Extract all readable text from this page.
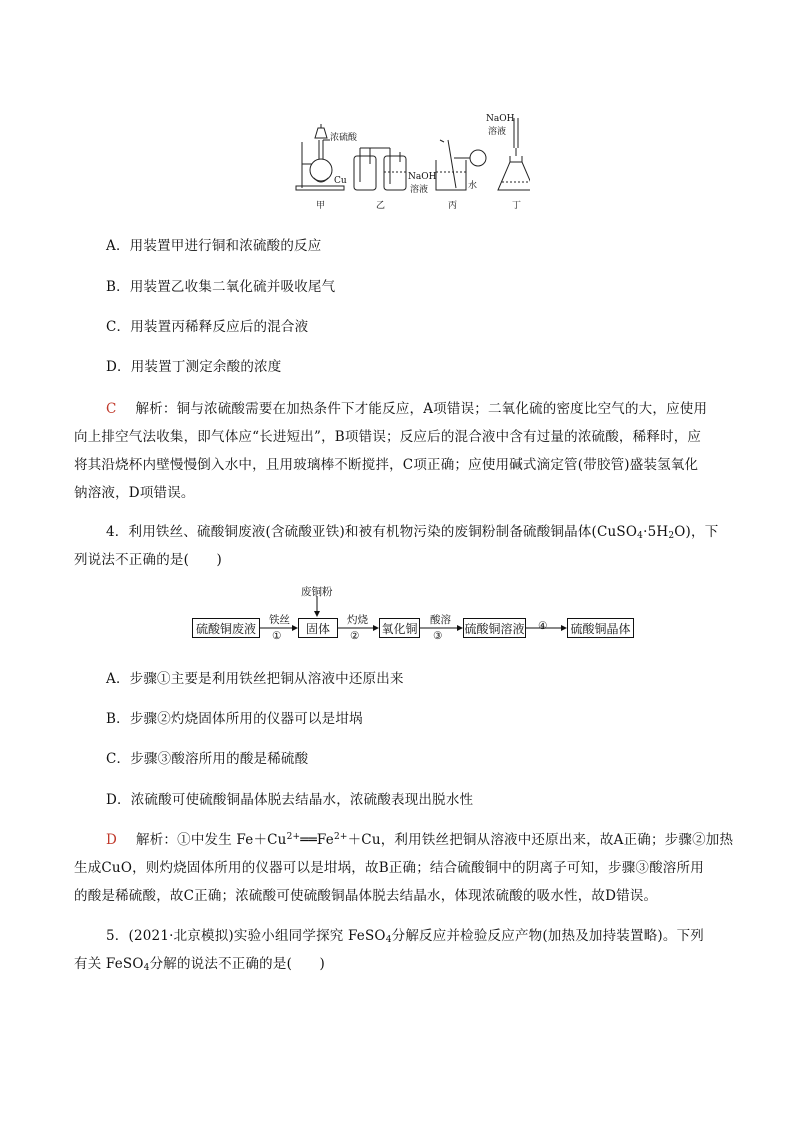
浓硫酸
Cu	NaOH
溶液	水
NaOH
溶液
甲	乙	丙	丁
A．用装置甲进行铜和浓硫酸的反应
B．用装置乙收集二氧化硫并吸收尾气
C．用装置丙稀释反应后的混合液
D．用装置丁测定余酸的浓度
C 解析：铜与浓硫酸需要在加热条件下才能反应，A项错误；二氧化硫的密度比空气的大，应使用
向上排空气法收集，即气体应“长进短出”，B项错误；反应后的混合液中含有过量的浓硫酸，稀释时，应
将其沿烧杯内壁慢慢倒入水中，且用玻璃棒不断搅拌，C项正确；应使用碱式滴定管(带胶管)盛装氢氧化
钠溶液，D项错误。
4．利用铁丝、硫酸铜废液(含硫酸亚铁)和被有机物污染的废铜粉制备硫酸铜晶体$(CuSO_4\cdot 5H_2O)$，下
列说法不正确的是(　　)
废铜粉
硫酸铜废液	固体	氧化铜	硫酸铜溶液	硫酸铜晶体
铁丝	灼烧	酸溶
①	②	③
④
A．步骤①主要是利用铁丝把铜从溶液中还原出来
B．步骤②灼烧固体所用的仪器可以是坩埚
C．步骤③酸溶所用的酸是稀硫酸
D．浓硫酸可使硫酸铜晶体脱去结晶水，浓硫酸表现出脱水性
D 解析：①中发生 $Fe+Cu^{2+}══Fe^{2+}+Cu$，利用铁丝把铜从溶液中还原出来，故A正确；步骤②加热
生成CuO，则灼烧固体所用的仪器可以是坩埚，故B正确；结合硫酸铜中的阴离子可知，步骤③酸溶所用
的酸是稀硫酸，故C正确；浓硫酸可使硫酸铜晶体脱去结晶水，体现浓硫酸的吸水性，故D错误。
5．(2021·北京模拟)实验小组同学探究 FeSO$_4$分解反应并检验反应产物(加热及加持装置略)。下列
有关 FeSO$_4$分解的说法不正确的是(　　)
